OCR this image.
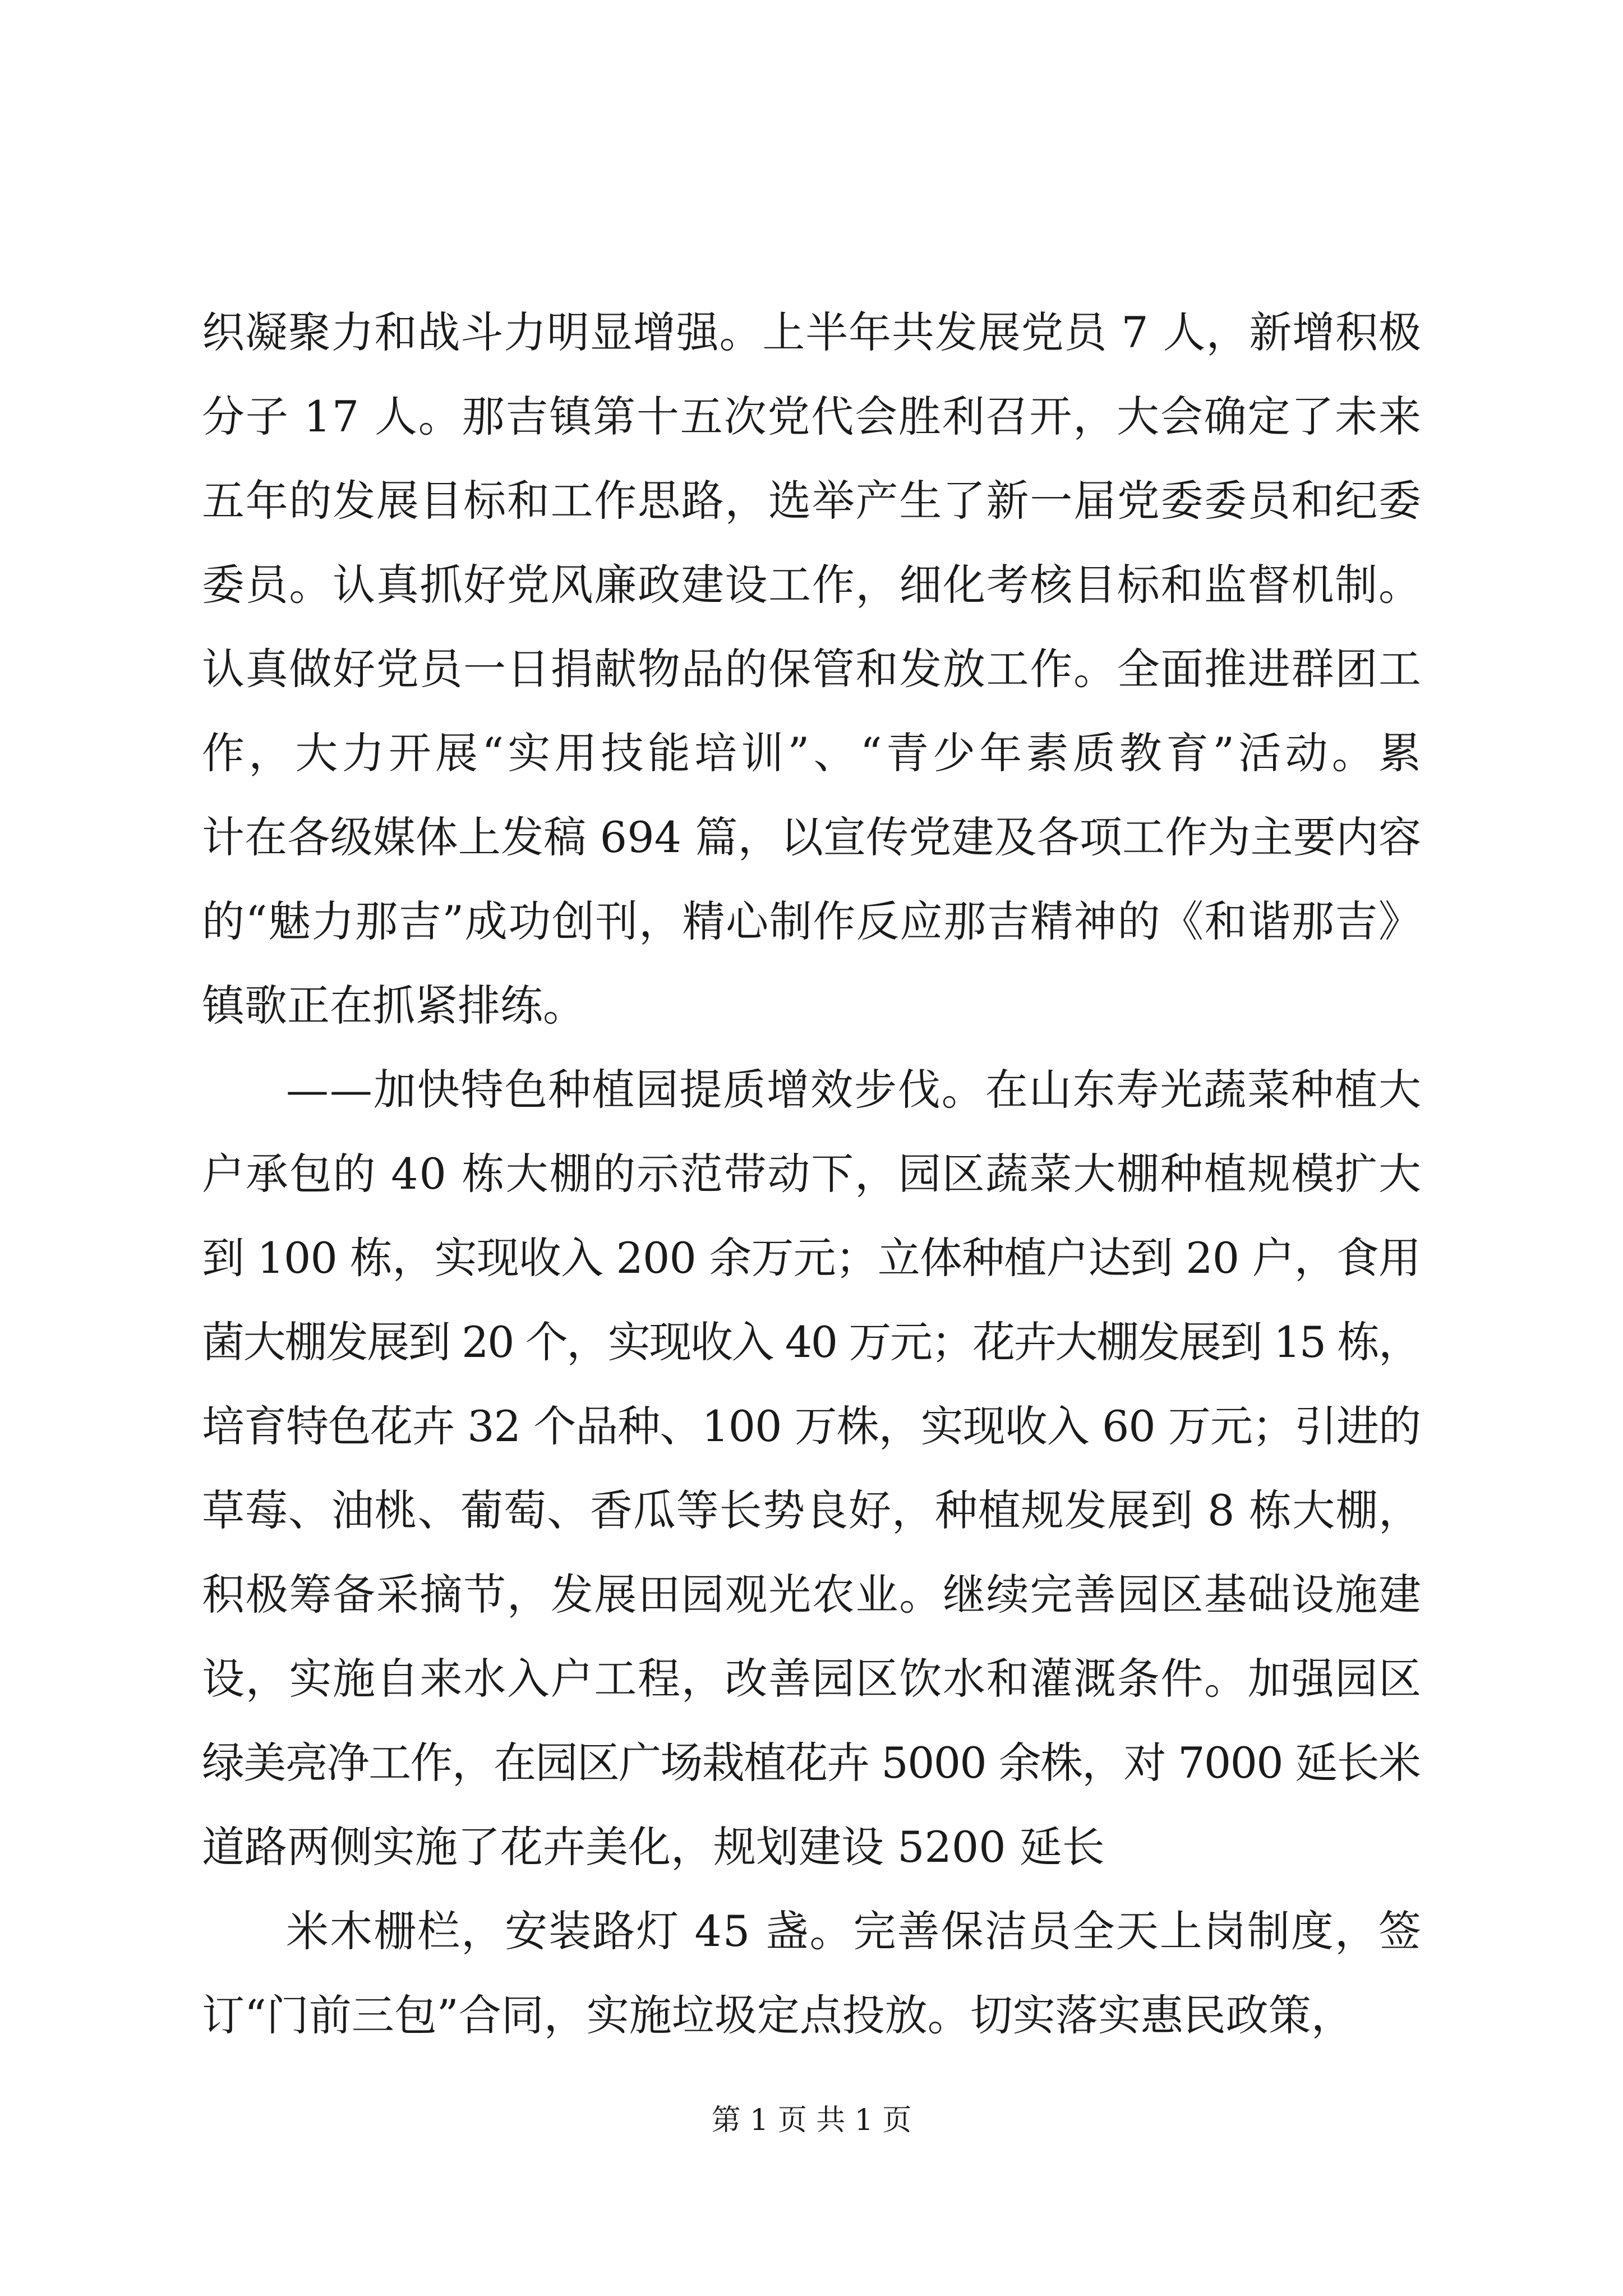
织凝聚力和战斗力明显增强。上半年共发展党员 7 人，新增积极
分子 17 人。那吉镇第十五次党代会胜利召开，大会确定了未来
五年的发展目标和工作思路，选举产生了新一届党委委员和纪委
委员。认真抓好党风廉政建设工作，细化考核目标和监督机制。
认真做好党员一日捐献物品的保管和发放工作。全面推进群团工
作，大力开展“实用技能培训”、“青少年素质教育”活动。累
计在各级媒体上发稿 694 篇，以宣传党建及各项工作为主要内容
的“魅力那吉”成功创刊，精心制作反应那吉精神的《和谐那吉》
镇歌正在抓紧排练。
——加快特色种植园提质增效步伐。在山东寿光蔬菜种植大
户承包的 40 栋大棚的示范带动下，园区蔬菜大棚种植规模扩大
到 100 栋，实现收入 200 余万元；立体种植户达到 20 户，食用
菌大棚发展到 20 个，实现收入 40 万元；花卉大棚发展到 15 栋，
培育特色花卉 32 个品种、100 万株，实现收入 60 万元；引进的
草莓、油桃、葡萄、香瓜等长势良好，种植规发展到 8 栋大棚，
积极筹备采摘节，发展田园观光农业。继续完善园区基础设施建
设，实施自来水入户工程，改善园区饮水和灌溉条件。加强园区
绿美亮净工作，在园区广场栽植花卉 5000 余株，对 7000 延长米
道路两侧实施了花卉美化，规划建设 5200 延长
米木栅栏，安装路灯 45 盏。完善保洁员全天上岗制度，签
订“门前三包”合同，实施垃圾定点投放。切实落实惠民政策，
第 1 页 共 1 页
